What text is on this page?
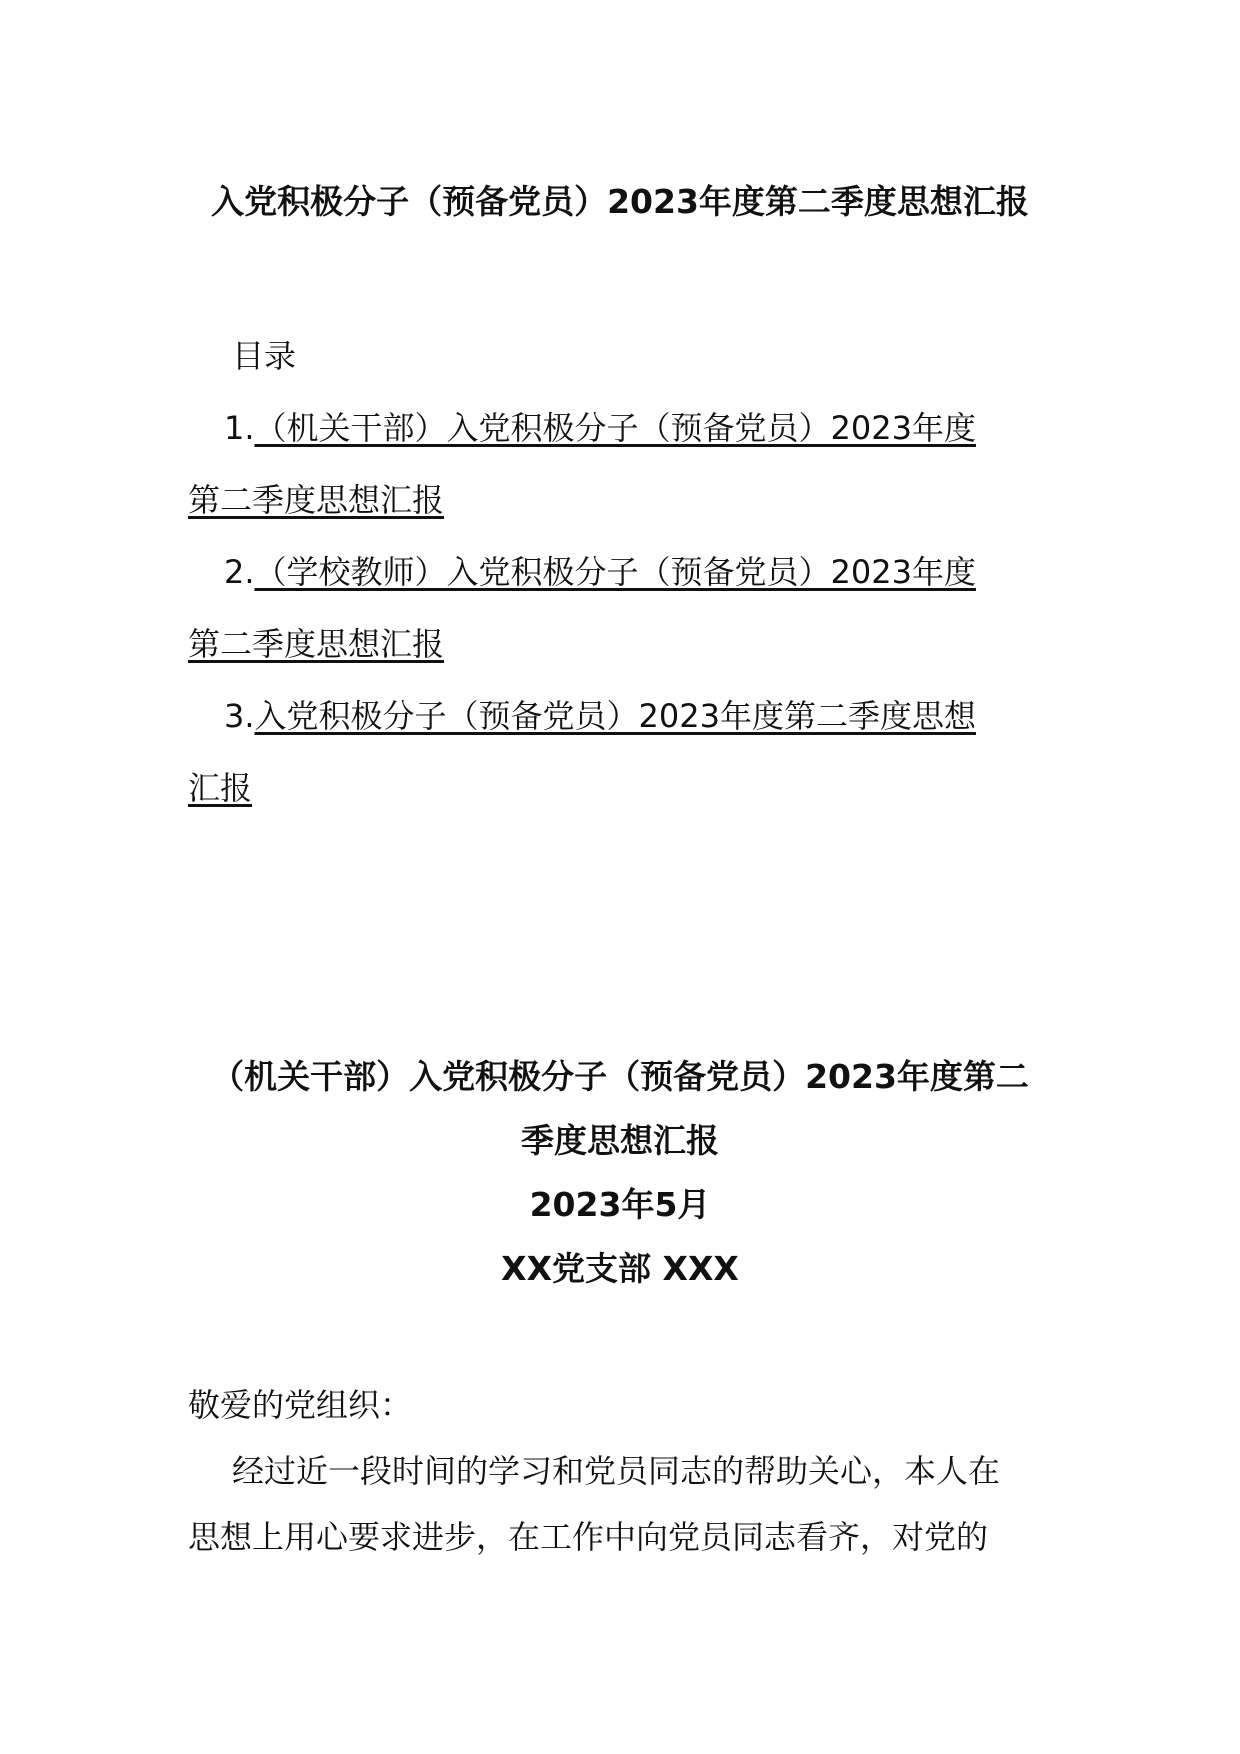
入党积极分子（预备党员）2023年度第二季度思想汇报
目录
1.（机关干部）入党积极分子（预备党员）2023年度
第二季度思想汇报
2.（学校教师）入党积极分子（预备党员）2023年度
第二季度思想汇报
3.入党积极分子（预备党员）2023年度第二季度思想
汇报

（机关干部）入党积极分子（预备党员）2023年度第二

季度思想汇报

2023年5月

XX党支部 XXX

敬爱的党组织：

经过近一段时间的学习和党员同志的帮助关心，本人在

思想上用心要求进步，在工作中向党员同志看齐，对党的
